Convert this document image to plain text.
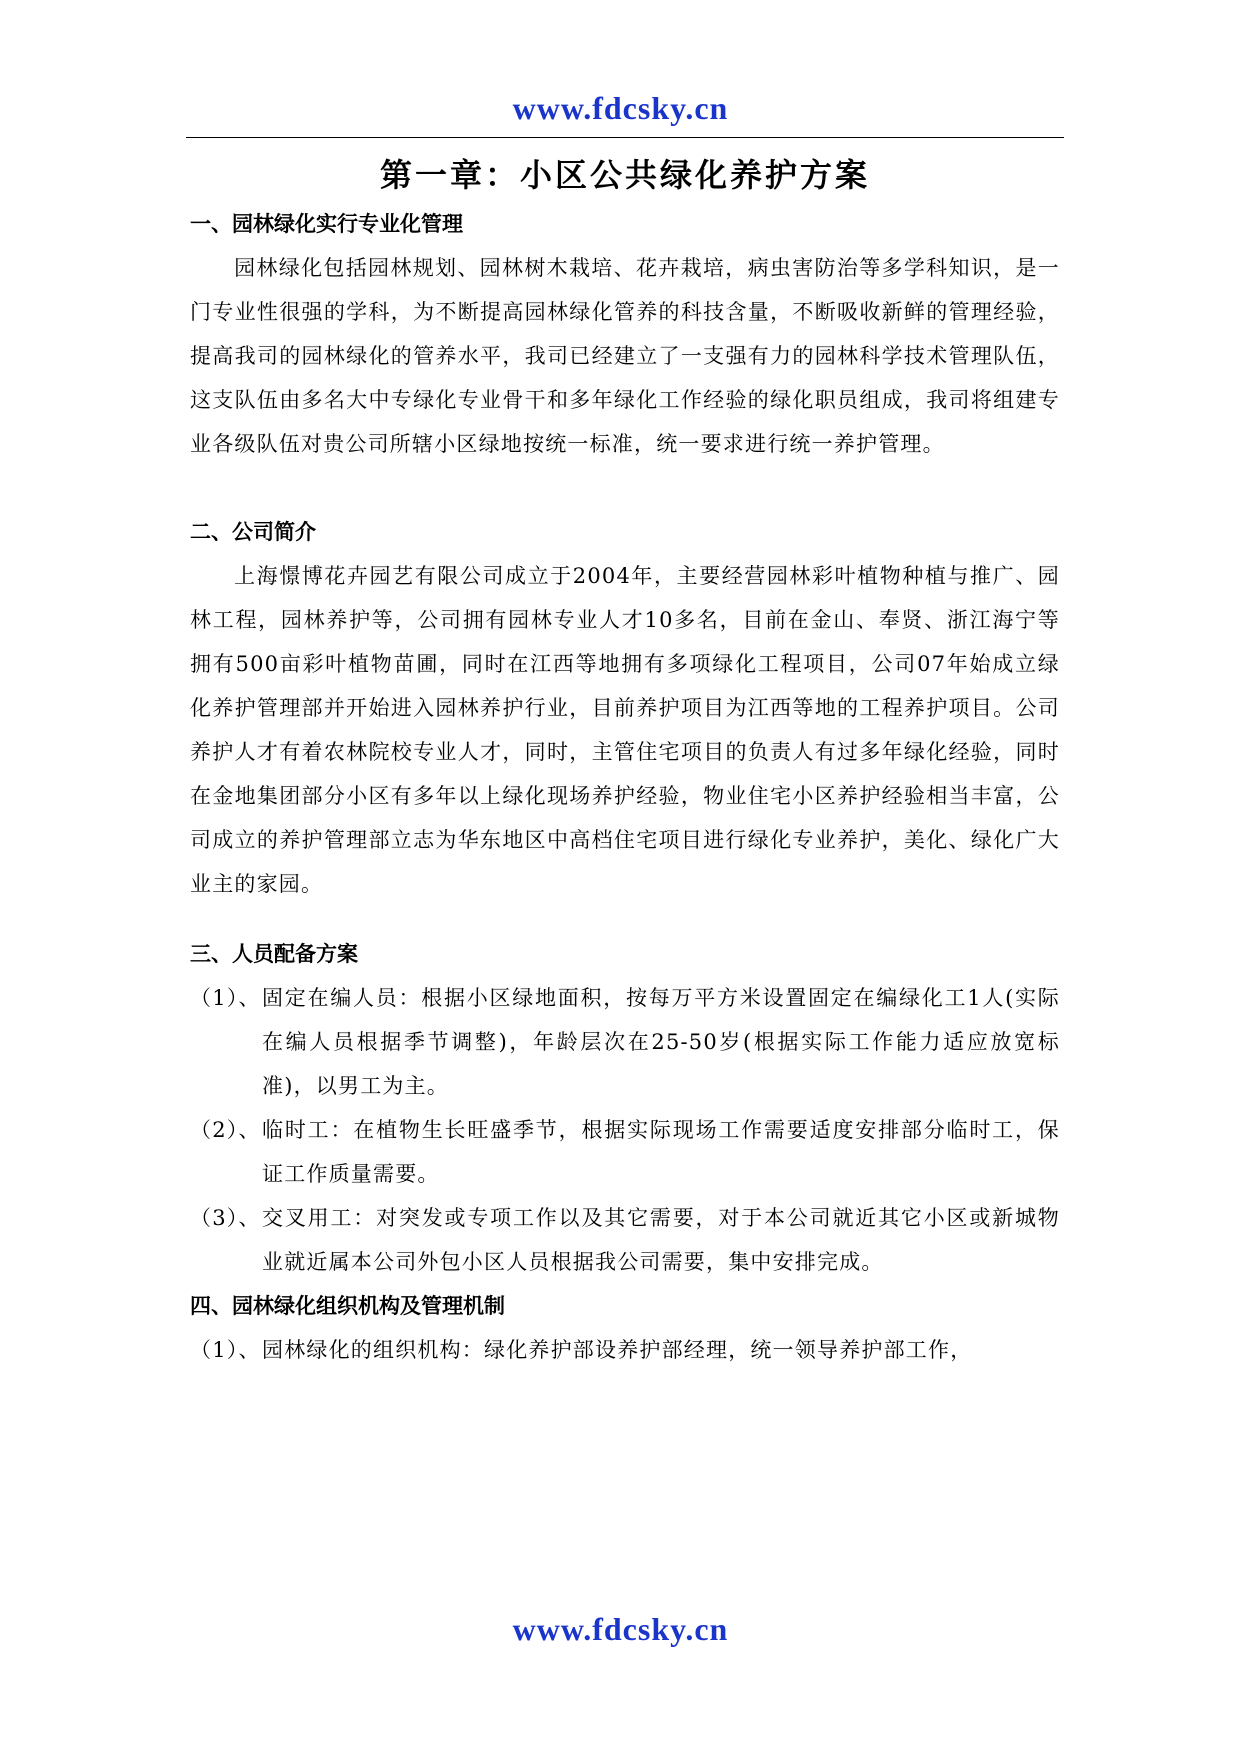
www.fdcsky.cn
第一章：小区公共绿化养护方案
一、园林绿化实行专业化管理

园林绿化包括园林规划、园林树木栽培、花卉栽培，病虫害防治等多学科知识，是一门专业性很强的学科，为不断提高园林绿化管养的科技含量，不断吸收新鲜的管理经验，提高我司的园林绿化的管养水平，我司已经建立了一支强有力的园林科学技术管理队伍，这支队伍由多名大中专绿化专业骨干和多年绿化工作经验的绿化职员组成，我司将组建专业各级队伍对贵公司所辖小区绿地按统一标准，统一要求进行统一养护管理。

二、公司简介

上海憬博花卉园艺有限公司成立于2004年，主要经营园林彩叶植物种植与推广、园林工程，园林养护等，公司拥有园林专业人才10多名，目前在金山、奉贤、浙江海宁等拥有500亩彩叶植物苗圃，同时在江西等地拥有多项绿化工程项目，公司07年始成立绿化养护管理部并开始进入园林养护行业，目前养护项目为江西等地的工程养护项目。公司养护人才有着农林院校专业人才，同时，主管住宅项目的负责人有过多年绿化经验，同时在金地集团部分小区有多年以上绿化现场养护经验，物业住宅小区养护经验相当丰富，公司成立的养护管理部立志为华东地区中高档住宅项目进行绿化专业养护，美化、绿化广大业主的家园。

三、人员配备方案
（1）、 固定在编人员：根据小区绿地面积，按每万平方米设置固定在编绿化工1人(实际在编人员根据季节调整)，年龄层次在25-50岁(根据实际工作能力适应放宽标准)，以男工为主。
（2）、 临时工：在植物生长旺盛季节，根据实际现场工作需要适度安排部分临时工，保证工作质量需要。
（3）、 交叉用工：对突发或专项工作以及其它需要，对于本公司就近其它小区或新城物业就近属本公司外包小区人员根据我公司需要，集中安排完成。
四、园林绿化组织机构及管理机制
（1）、 园林绿化的组织机构：绿化养护部设养护部经理，统一领导养护部工作，
www.fdcsky.cn
